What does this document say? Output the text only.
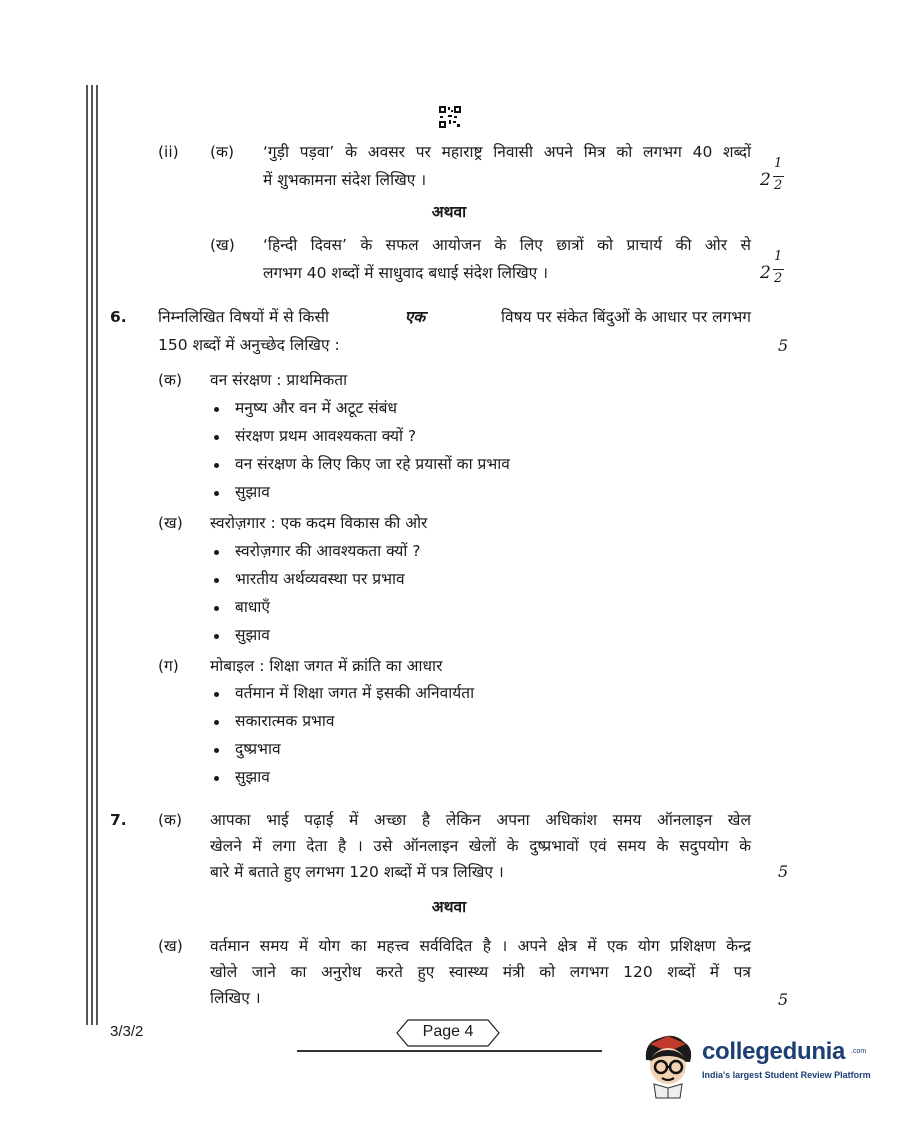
(ii) (क) ‘गुड़ी पड़वा’ के अवसर पर महाराष्ट्र निवासी अपने मित्र को लगभग 40 शब्दों
में शुभकामना संदेश लिखिए ।	2
1
2
अथवा
(ख) ‘हिन्दी दिवस’ के सफल आयोजन के लिए छात्रों को प्राचार्य की ओर से
लगभग 40 शब्दों में साधुवाद बधाई संदेश लिखिए ।	2
1
2
6. निम्नलिखित विषयों में से किसी	एक	विषय पर संकेत बिंदुओं के आधार पर लगभग
150 शब्दों में अनुच्छेद लिखिए :	5
(क) वन संरक्षण : प्राथमिकता
मनुष्य और वन में अटूट संबंध
संरक्षण प्रथम आवश्यकता क्यों ?
वन संरक्षण के लिए किए जा रहे प्रयासों का प्रभाव
सुझाव
(ख) स्वरोज़गार : एक कदम विकास की ओर
स्वरोज़गार की आवश्यकता क्यों ?
भारतीय अर्थव्यवस्था पर प्रभाव
बाधाएँ
सुझाव
(ग) मोबाइल : शिक्षा जगत में क्रांति का आधार
वर्तमान में शिक्षा जगत में इसकी अनिवार्यता
सकारात्मक प्रभाव
दुष्प्रभाव
सुझाव
7. (क) आपका भाई पढ़ाई में अच्छा है लेकिन अपना अधिकांश समय ऑनलाइन खेल
खेलने में लगा देता है । उसे ऑनलाइन खेलों के दुष्प्रभावों एवं समय के सदुपयोग के
बारे में बताते हुए लगभग 120 शब्दों में पत्र लिखिए ।	5
अथवा
(ख) वर्तमान समय में योग का महत्त्व सर्वविदित है । अपने क्षेत्र में एक योग प्रशिक्षण केन्द्र
खोले जाने का अनुरोध करते हुए स्वास्थ्य मंत्री को लगभग 120 शब्दों में पत्र
लिखिए ।	5
3/3/2	Page 4
collegedunia .com
India's largest Student Review Platform
